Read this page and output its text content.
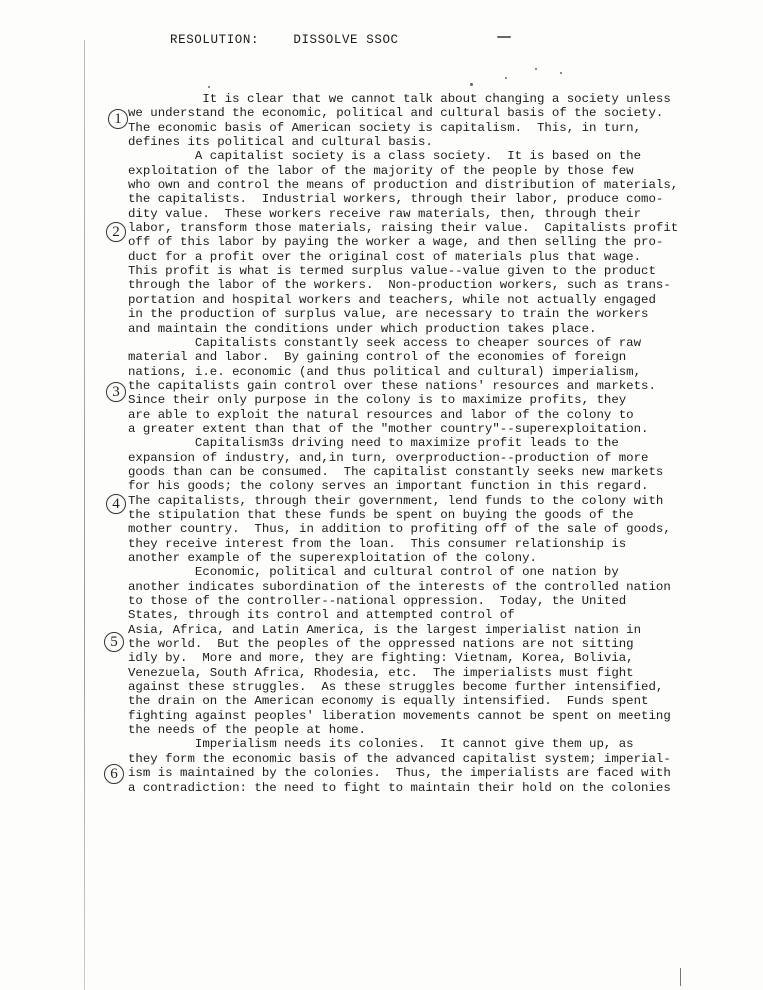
RESOLUTION:	DISSOLVE SSOC
It is clear that we cannot talk about changing a society unless
we understand the economic, political and cultural basis of the society.
The economic basis of American society is capitalism.  This, in turn,
defines its political and cultural basis.
A capitalist society is a class society.  It is based on the
exploitation of the labor of the majority of the people by those few
who own and control the means of production and distribution of materials,
the capitalists.  Industrial workers, through their labor, produce como-
dity value.  These workers receive raw materials, then, through their
labor, transform those materials, raising their value.  Capitalists profit
off of this labor by paying the worker a wage, and then selling the pro-
duct for a profit over the original cost of materials plus that wage.
This profit is what is termed surplus value--value given to the product
through the labor of the workers.  Non-production workers, such as trans-
portation and hospital workers and teachers, while not actually engaged
in the production of surplus value, are necessary to train the workers
and maintain the conditions under which production takes place.
Capitalists constantly seek access to cheaper sources of raw
material and labor.  By gaining control of the economies of foreign
nations, i.e. economic (and thus political and cultural) imperialism,
the capitalists gain control over these nations' resources and markets.
Since their only purpose in the colony is to maximize profits, they
are able to exploit the natural resources and labor of the colony to
a greater extent than that of the "mother country"--superexploitation.
Capitalism3s driving need to maximize profit leads to the
expansion of industry, and,in turn, overproduction--production of more
goods than can be consumed.  The capitalist constantly seeks new markets
for his goods; the colony serves an important function in this regard.
The capitalists, through their government, lend funds to the colony with
the stipulation that these funds be spent on buying the goods of the
mother country.  Thus, in addition to profiting off of the sale of goods,
they receive interest from the loan.  This consumer relationship is
another example of the superexploitation of the colony.
Economic, political and cultural control of one nation by
another indicates subordination of the interests of the controlled nation
to those of the controller--national oppression.  Today, the United
States, through its control and attempted control of
Asia, Africa, and Latin America, is the largest imperialist nation in
the world.  But the peoples of the oppressed nations are not sitting
idly by.  More and more, they are fighting: Vietnam, Korea, Bolivia,
Venezuela, South Africa, Rhodesia, etc.  The imperialists must fight
against these struggles.  As these struggles become further intensified,
the drain on the American economy is equally intensified.  Funds spent
fighting against peoples' liberation movements cannot be spent on meeting
the needs of the people at home.
Imperialism needs its colonies.  It cannot give them up, as
they form the economic basis of the advanced capitalist system; imperial-
ism is maintained by the colonies.  Thus, the imperialists are faced with
a contradiction: the need to fight to maintain their hold on the colonies
1
2
3
4
5
6
